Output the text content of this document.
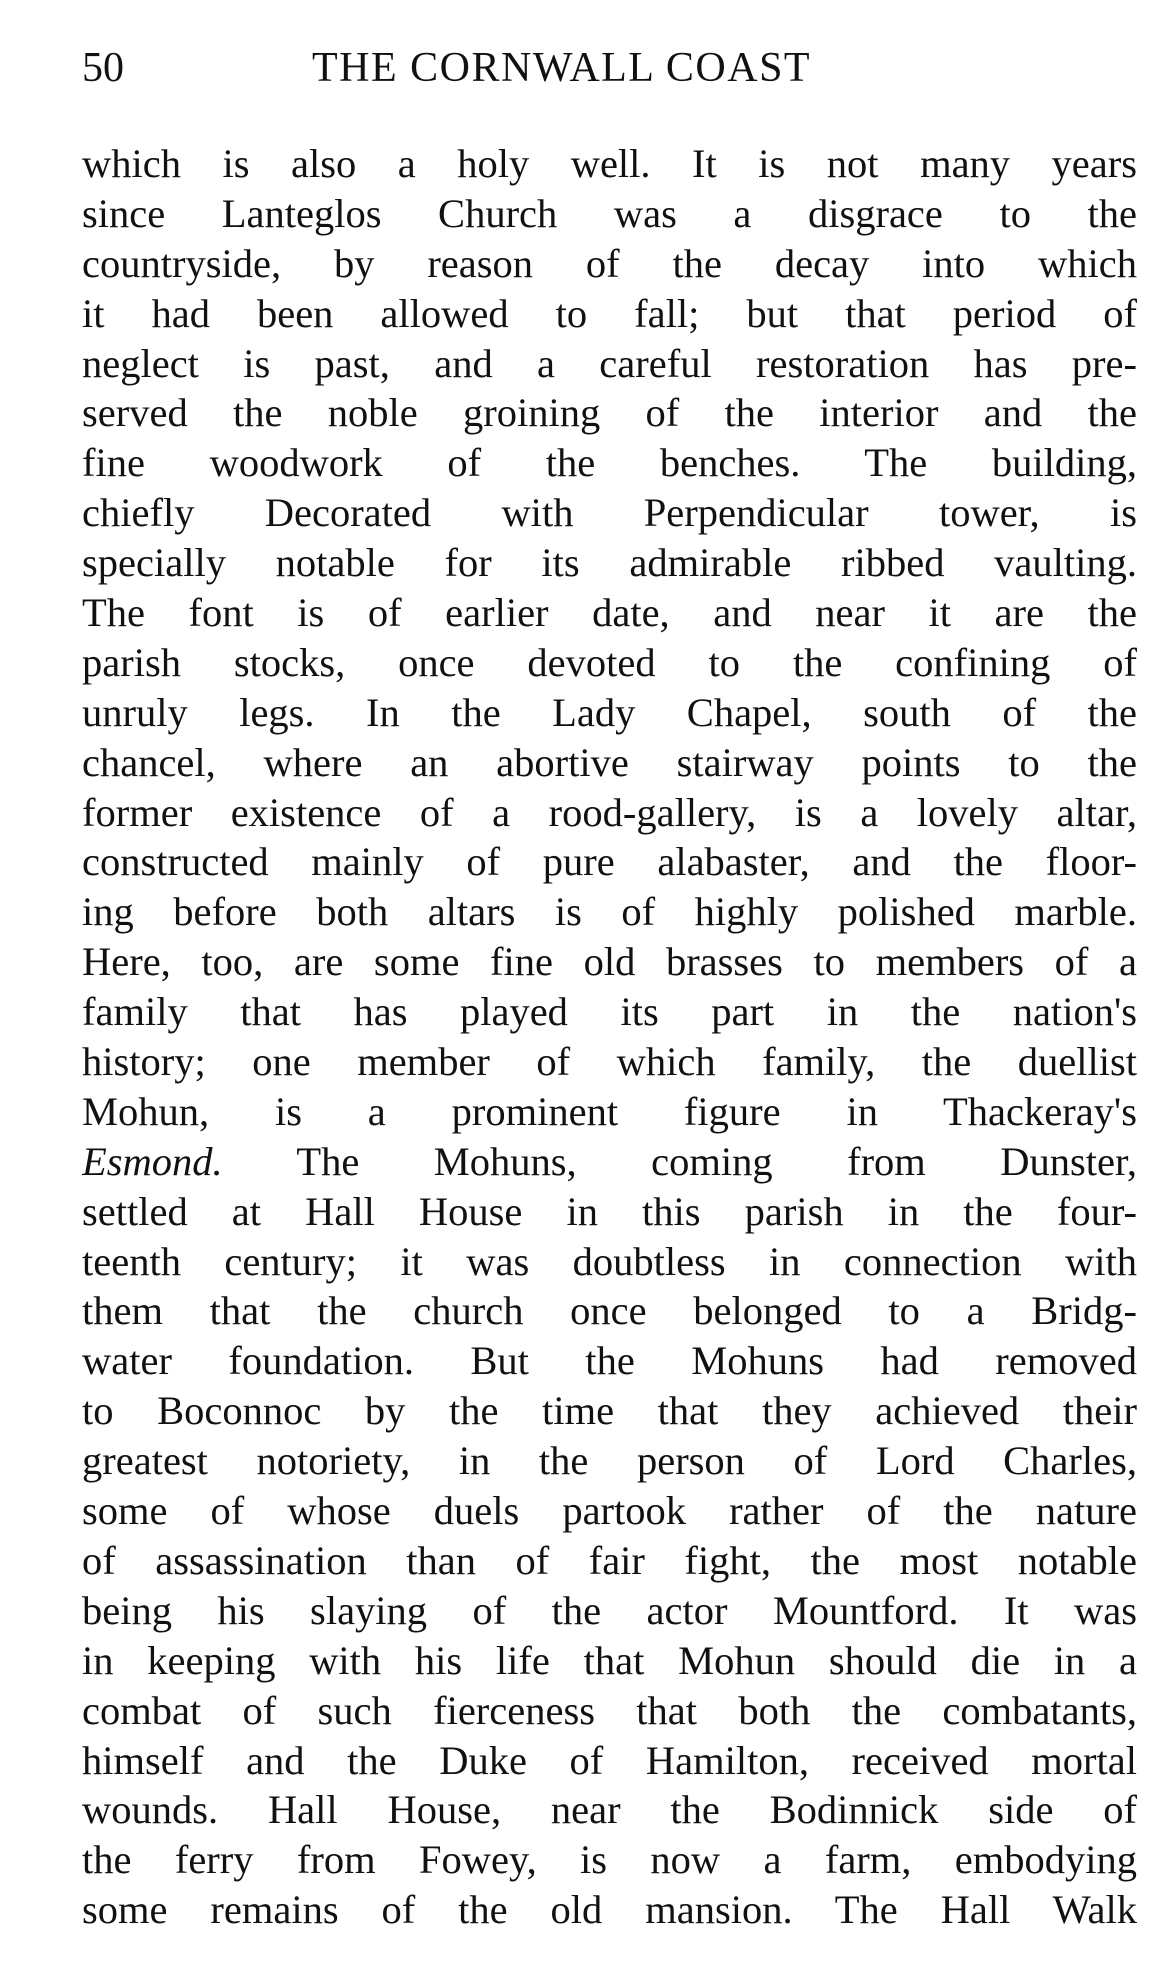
50	THE CORNWALL COAST
which is also a holy well. It is not many years
since Lanteglos Church was a disgrace to the
countryside, by reason of the decay into which
it had been allowed to fall; but that period of
neglect is past, and a careful restoration has pre-
served the noble groining of the interior and the
fine woodwork of the benches. The building,
chiefly Decorated with Perpendicular tower, is
specially notable for its admirable ribbed vaulting.
The font is of earlier date, and near it are the
parish stocks, once devoted to the confining of
unruly legs. In the Lady Chapel, south of the
chancel, where an abortive stairway points to the
former existence of a rood-gallery, is a lovely altar,
constructed mainly of pure alabaster, and the floor-
ing before both altars is of highly polished marble.
Here, too, are some fine old brasses to members of a
family that has played its part in the nation's
history; one member of which family, the duellist
Mohun, is a prominent figure in Thackeray's
Esmond. The Mohuns, coming from Dunster,
settled at Hall House in this parish in the four-
teenth century; it was doubtless in connection with
them that the church once belonged to a Bridg-
water foundation. But the Mohuns had removed
to Boconnoc by the time that they achieved their
greatest notoriety, in the person of Lord Charles,
some of whose duels partook rather of the nature
of assassination than of fair fight, the most notable
being his slaying of the actor Mountford. It was
in keeping with his life that Mohun should die in a
combat of such fierceness that both the combatants,
himself and the Duke of Hamilton, received mortal
wounds. Hall House, near the Bodinnick side of
the ferry from Fowey, is now a farm, embodying
some remains of the old mansion. The Hall Walk
